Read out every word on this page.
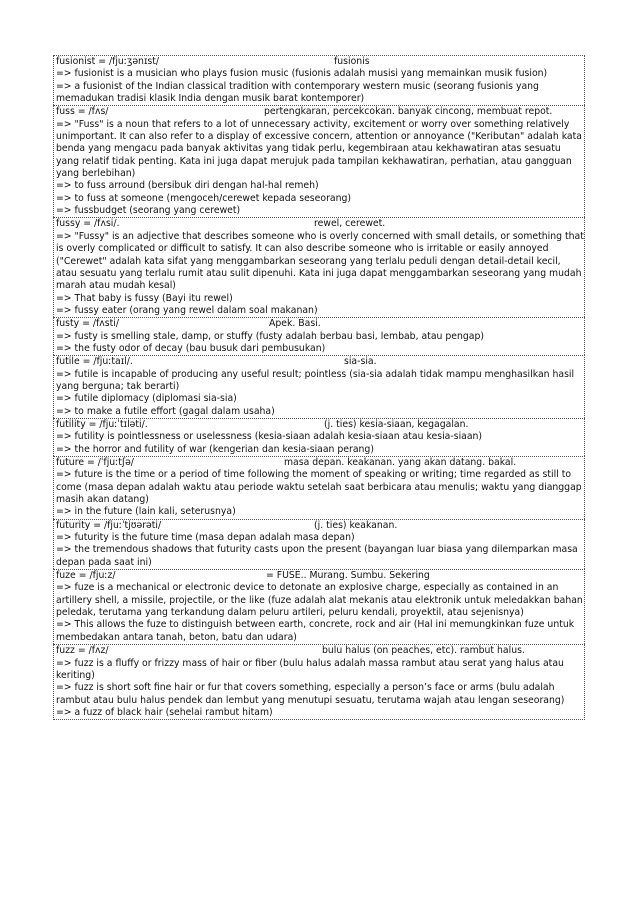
fusionist = /fjuːʒənɪst/	fusionis
=> fusionist is a musician who plays fusion music (fusionis adalah musisi yang memainkan musik fusion)
=> a fusionist of the Indian classical tradition with contemporary western music (seorang fusionis yang memadukan tradisi klasik India dengan musik barat kontemporer)
fuss = /fʌs/	pertengkaran, percekcokan. banyak cincong, membuat repot.
=> "Fuss" is a noun that refers to a lot of unnecessary activity, excitement or worry over something relatively unimportant. It can also refer to a display of excessive concern, attention or annoyance ("Keributan" adalah kata benda yang mengacu pada banyak aktivitas yang tidak perlu, kegembiraan atau kekhawatiran atas sesuatu yang relatif tidak penting. Kata ini juga dapat merujuk pada tampilan kekhawatiran, perhatian, atau gangguan yang berlebihan)
=> to fuss arround (bersibuk diri dengan hal-hal remeh)
=> to fuss at someone (mengoceh/cerewet kepada seseorang)
=> fussbudget (seorang yang cerewet)
fussy = /fʌsi/.	rewel, cerewet.
=> "Fussy" is an adjective that describes someone who is overly concerned with small details, or something that is overly complicated or difficult to satisfy. It can also describe someone who is irritable or easily annoyed ("Cerewet" adalah kata sifat yang menggambarkan seseorang yang terlalu peduli dengan detail-detail kecil, atau sesuatu yang terlalu rumit atau sulit dipenuhi. Kata ini juga dapat menggambarkan seseorang yang mudah marah atau mudah kesal)
=> That baby is fussy (Bayi itu rewel)
=> fussy eater (orang yang rewel dalam soal makanan)
fusty = /fʌsti/	Apek. Basi.
=> fusty is smelling stale, damp, or stuffy (fusty adalah berbau basi, lembab, atau pengap)
=> the fusty odor of decay (bau busuk dari pembusukan)
futile = /fjuːtaɪl/.	sia-sia.
=> futile is incapable of producing any useful result; pointless (sia-sia adalah tidak mampu menghasilkan hasil yang berguna; tak berarti)
=> futile diplomacy (diplomasi sia-sia)
=> to make a futile effort (gagal dalam usaha)
futility = /fjuːˈtɪləti/.	(j. ties) kesia-siaan, kegagalan.
=> futility is pointlessness or uselessness (kesia-siaan adalah kesia-siaan atau kesia-siaan)
=> the horror and futility of war (kengerian dan kesia-siaan perang)
future = /ˈfjuːtʃə/	masa depan. keakanan. yang akan datang. bakal.
=> future is the time or a period of time following the moment of speaking or writing; time regarded as still to come (masa depan adalah waktu atau periode waktu setelah saat berbicara atau menulis; waktu yang dianggap masih akan datang)
=> in the future (lain kali, seterusnya)
futurity = /fjuːˈtjʊərəti/	(j. ties) keakanan.
=> futurity is the future time (masa depan adalah masa depan)
=> the tremendous shadows that futurity casts upon the present (bayangan luar biasa yang dilemparkan masa depan pada saat ini)
fuze = /fjuːz/	= FUSE.. Murang. Sumbu. Sekering
=> fuze is a mechanical or electronic device to detonate an explosive charge, especially as contained in an artillery shell, a missile, projectile, or the like (fuze adalah alat mekanis atau elektronik untuk meledakkan bahan peledak, terutama yang terkandung dalam peluru artileri, peluru kendali, proyektil, atau sejenisnya)
=> This allows the fuze to distinguish between earth, concrete, rock and air (Hal ini memungkinkan fuze untuk membedakan antara tanah, beton, batu dan udara)
fuzz = /fʌz/	bulu halus (on peaches, etc). rambut halus.
=> fuzz is a fluffy or frizzy mass of hair or fiber (bulu halus adalah massa rambut atau serat yang halus atau keriting)
=> fuzz is short soft fine hair or fur that covers something, especially a person’s face or arms (bulu adalah rambut atau bulu halus pendek dan lembut yang menutupi sesuatu, terutama wajah atau lengan seseorang)
=> a fuzz of black hair (sehelai rambut hitam)
